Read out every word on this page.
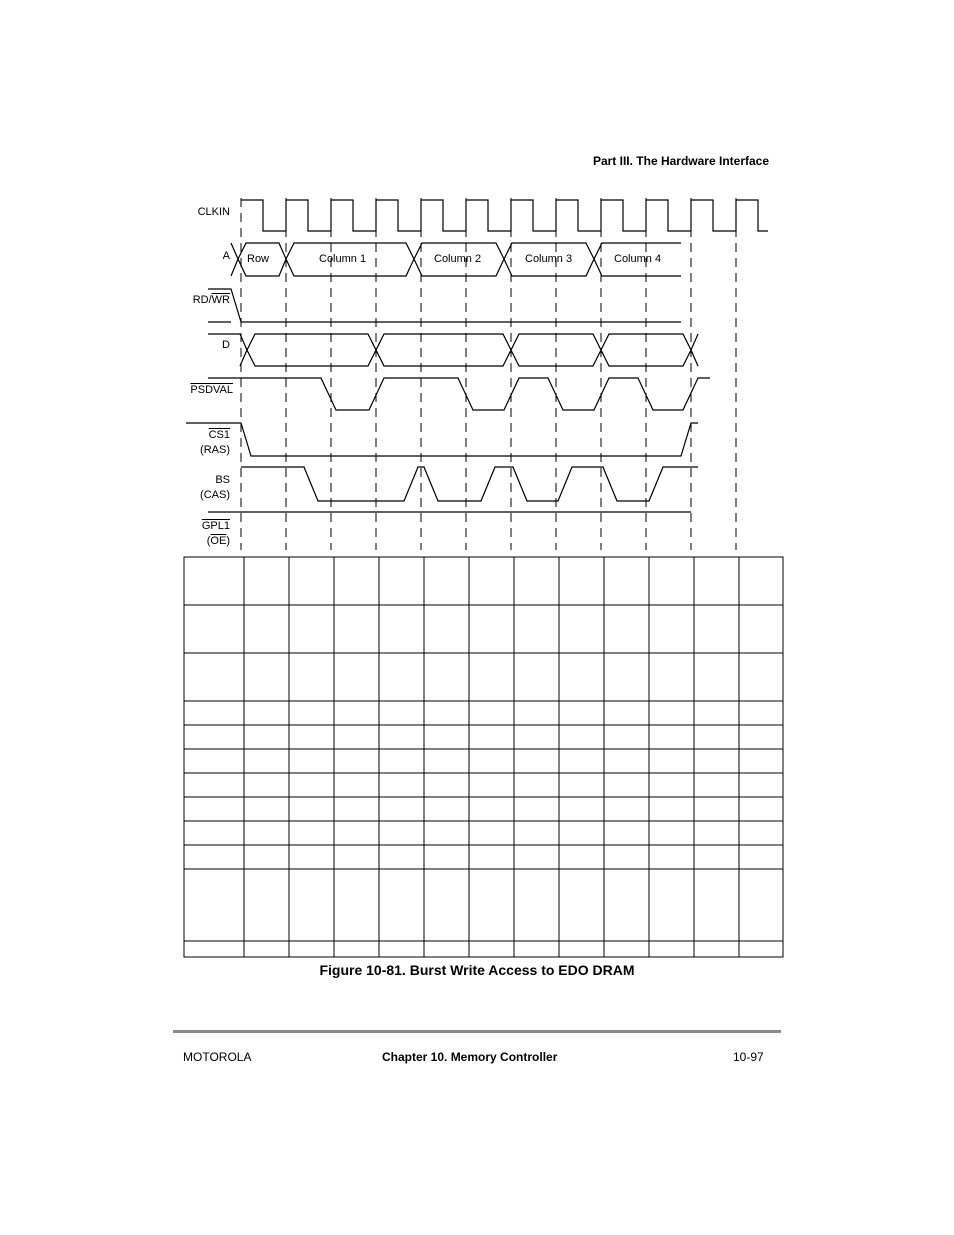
Part III. The Hardware Interface
CLKIN
A
$RD/\overline{WR}$
D
PSDVAL
CS1
(RAS)
BS
(CAS)
GPL1
$(\overline{OE})$
Row	Column 1	Column 2	Column 3	Column 4
Figure 10-81. Burst Write Access to EDO DRAM
MOTOROLA	Chapter 10. Memory Controller	10-97
